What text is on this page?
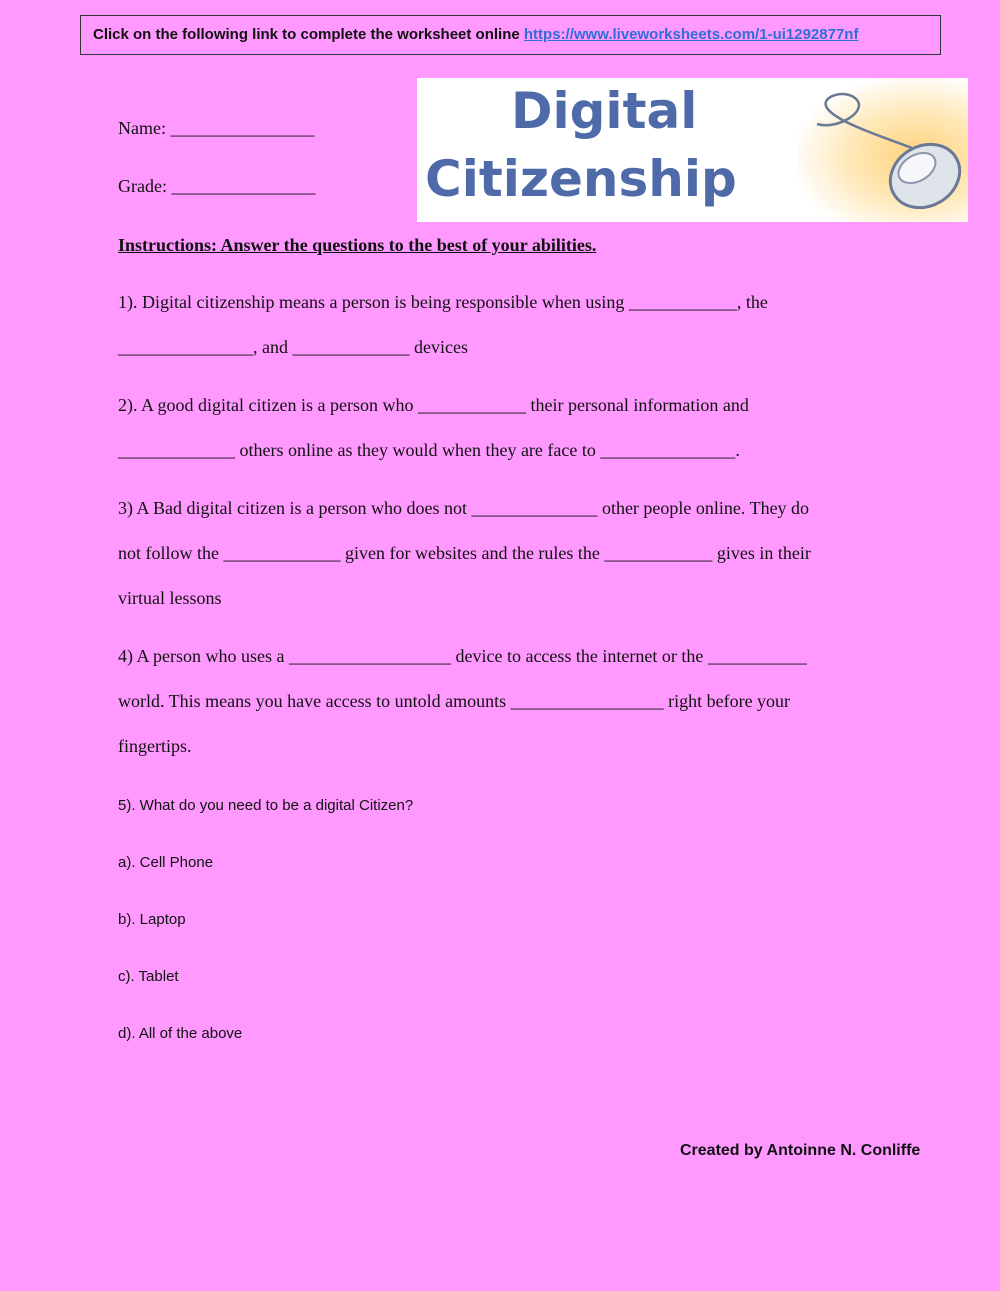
Click on the following link to complete the worksheet online https://www.liveworksheets.com/1-ui1292877nf
Digital
Citizenship
Name: ________________
Grade: ________________
Instructions: Answer the questions to the best of your abilities.
1). Digital citizenship means a person is being responsible when using ____________, the
_______________, and _____________ devices
2). A good digital citizen is a person who ____________ their personal information and
_____________ others online as they would when they are face to _______________.
3) A Bad digital citizen is a person who does not ______________ other people online. They do
not follow the _____________ given for websites and the rules the ____________ gives in their
virtual lessons
4) A person who uses a __________________ device to access the internet or the ___________
world. This means you have access to untold amounts _________________ right before your
fingertips.
5). What do you need to be a digital Citizen?
a). Cell Phone
b). Laptop
c). Tablet
d). All of the above
Created by Antoinne N. Conliffe
